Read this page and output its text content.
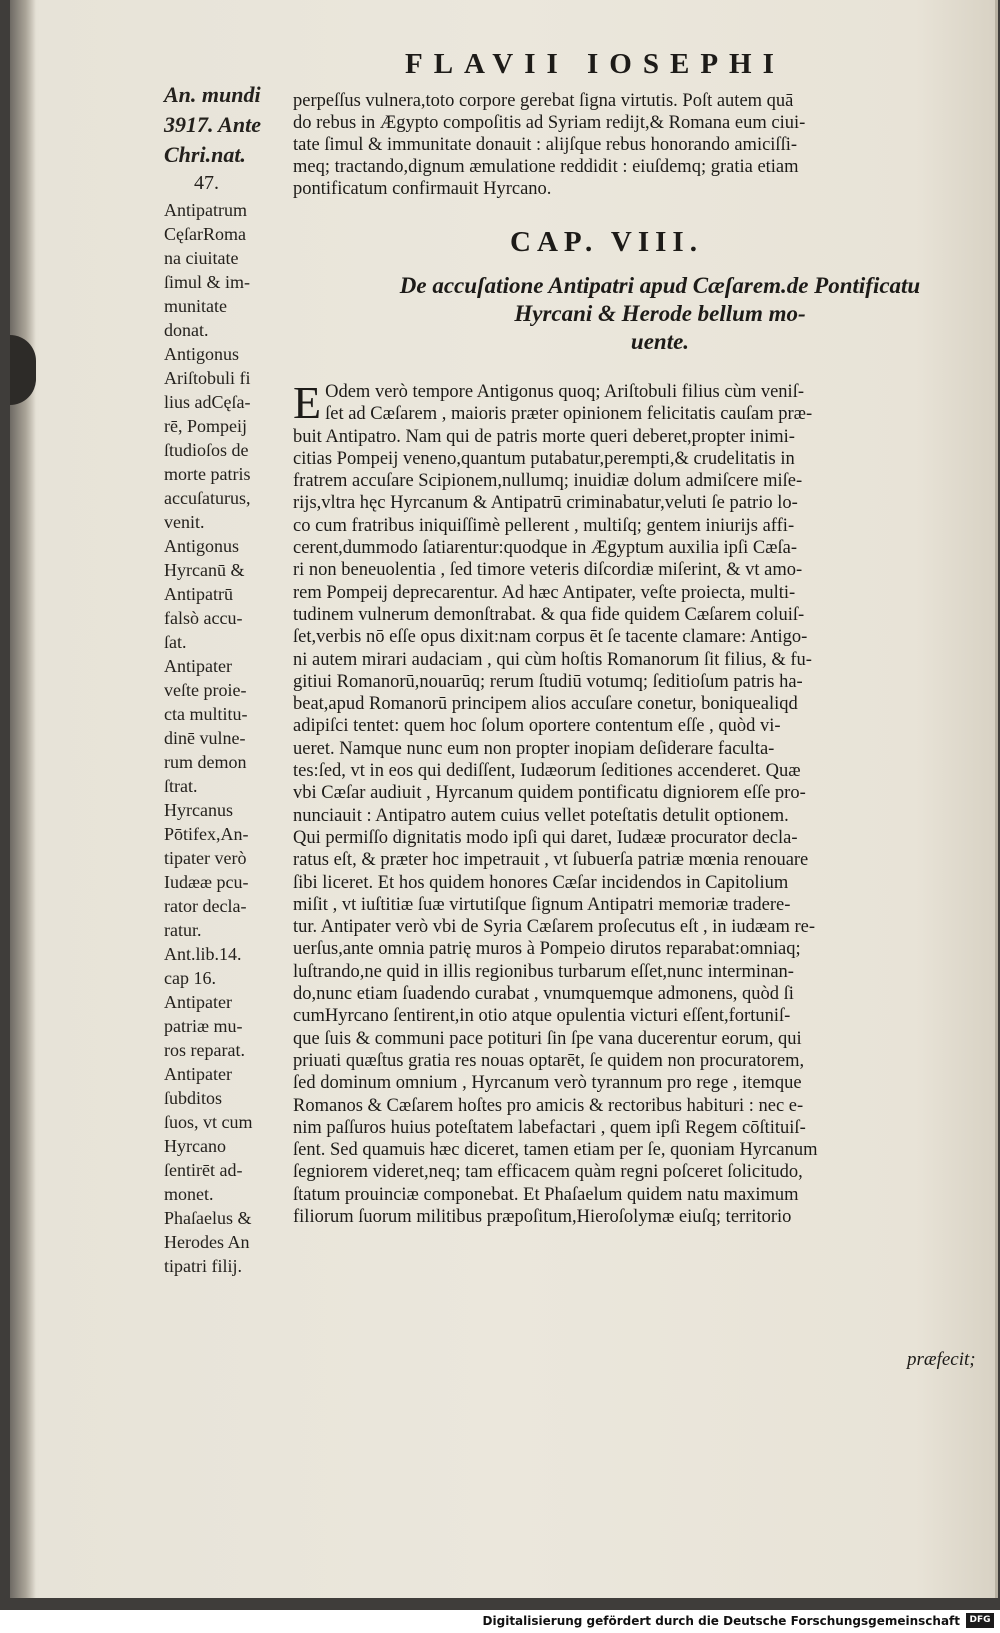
FLAVII IOSEPHI
An. mundi
3917. Ante
Chri.nat.
47.
Antipatrum
CęſarRoma
na ciuitate
ſimul & im-
munitate
donat.
Antigonus
Ariſtobuli fi
lius adCęſa-
rē, Pompeij
ſtudioſos de
morte patris
accuſaturus,
venit.
Antigonus
Hyrcanū &
Antipatrū
falsò accu-
ſat.
Antipater
veſte proie-
cta multitu-
dinē vulne-
rum demon
ſtrat.
Hyrcanus
Pōtifex,An-
tipater verò
Iudææ pcu-
rator decla-
ratur.
Ant.lib.14.
cap 16.
Antipater
patriæ mu-
ros reparat.
Antipater
ſubditos
ſuos, vt cum
Hyrcano
ſentirēt ad-
monet.
Phaſaelus &
Herodes An
tipatri filij.
perpeſſus vulnera,toto corpore gerebat ſigna virtutis. Poſt autem quā
do rebus in Ægypto compoſitis ad Syriam redijt,& Romana eum ciui-
tate ſimul & immunitate donauit : alijſque rebus honorando amiciſſi-
meq; tractando,dignum æmulatione reddidit : eiuſdemq; gratia etiam
pontificatum confirmauit Hyrcano.
CAP. VIII.
De accuſatione Antipatri apud Cæſarem.de Pontificatu
Hyrcani & Herode bellum mo-
uente.
E Odem verò tempore Antigonus quoq; Ariſtobuli filius cùm veniſ-
ſet ad Cæſarem , maioris præter opinionem felicitatis cauſam præ-
buit Antipatro. Nam qui de patris morte queri deberet,propter inimi-
citias Pompeij veneno,quantum putabatur,perempti,& crudelitatis in
fratrem accuſare Scipionem,nullumq; inuidiæ dolum admiſcere miſe-
rijs,vltra hęc Hyrcanum & Antipatrū criminabatur,veluti ſe patrio lo-
co cum fratribus iniquiſſimè pellerent , multiſq; gentem iniurijs affi-
cerent,dummodo ſatiarentur:quodque in Ægyptum auxilia ipſi Cæſa-
ri non beneuolentia , ſed timore veteris diſcordiæ miſerint, & vt amo-
rem Pompeij deprecarentur. Ad hæc Antipater, veſte proiecta, multi-
tudinem vulnerum demonſtrabat. & qua fide quidem Cæſarem coluiſ-
ſet,verbis nō eſſe opus dixit:nam corpus ēt ſe tacente clamare: Antigo-
ni autem mirari audaciam , qui cùm hoſtis Romanorum ſit filius, & fu-
gitiui Romanorū,nouarūq; rerum ſtudiū votumq; ſeditioſum patris ha-
beat,apud Romanorū principem alios accuſare conetur, boniquealiqd
adipiſci tentet: quem hoc ſolum oportere contentum eſſe , quòd vi-
ueret. Namque nunc eum non propter inopiam deſiderare faculta-
tes:ſed, vt in eos qui dediſſent, Iudæorum ſeditiones accenderet. Quæ
vbi Cæſar audiuit , Hyrcanum quidem pontificatu digniorem eſſe pro-
nunciauit : Antipatro autem cuius vellet poteſtatis detulit optionem.
Qui permiſſo dignitatis modo ipſi qui daret, Iudææ procurator decla-
ratus eſt, & præter hoc impetrauit , vt ſubuerſa patriæ mœnia renouare
ſibi liceret. Et hos quidem honores Cæſar incidendos in Capitolium
miſit , vt iuſtitiæ ſuæ virtutiſque ſignum Antipatri memoriæ tradere-
tur. Antipater verò vbi de Syria Cæſarem proſecutus eſt , in iudæam re-
uerſus,ante omnia patrię muros à Pompeio dirutos reparabat:omniaq;
luſtrando,ne quid in illis regionibus turbarum eſſet,nunc interminan-
do,nunc etiam ſuadendo curabat , vnumquemque admonens, quòd ſi
cumHyrcano ſentirent,in otio atque opulentia victuri eſſent,fortuniſ-
que ſuis & communi pace potituri ſin ſpe vana ducerentur eorum, qui
priuati quæſtus gratia res nouas optarēt, ſe quidem non procuratorem,
ſed dominum omnium , Hyrcanum verò tyrannum pro rege , itemque
Romanos & Cæſarem hoſtes pro amicis & rectoribus habituri : nec e-
nim paſſuros huius poteſtatem labefactari , quem ipſi Regem cōſtituiſ-
ſent. Sed quamuis hæc diceret, tamen etiam per ſe, quoniam Hyrcanum
ſegniorem videret,neq; tam efficacem quàm regni poſceret ſolicitudo,
ſtatum prouinciæ componebat. Et Phaſaelum quidem natu maximum
filiorum ſuorum militibus præpoſitum,Hieroſolymæ eiuſq; territorio
præfecit;
Digitalisierung gefördert durch die Deutsche Forschungsgemeinschaft	DFG
